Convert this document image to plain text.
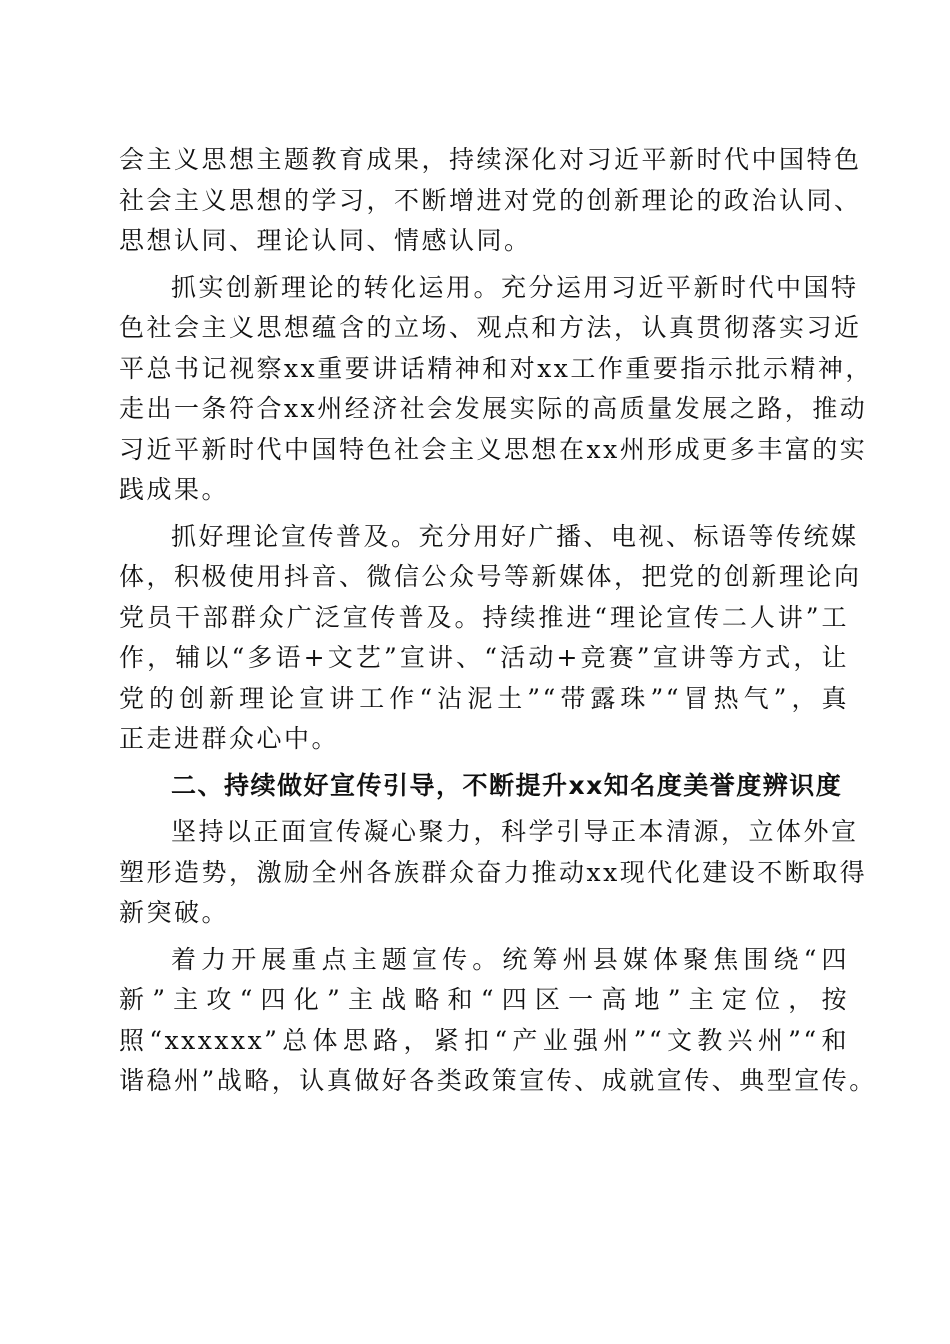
会主义思想主题教育成果，持续深化对习近平新时代中国特色
社会主义思想的学习，不断增进对党的创新理论的政治认同、
思想认同、理论认同、情感认同。
抓实创新理论的转化运用。充分运用习近平新时代中国特
色社会主义思想蕴含的立场、观点和方法，认真贯彻落实习近
平总书记视察xx重要讲话精神和对xx工作重要指示批示精神，
走出一条符合xx州经济社会发展实际的高质量发展之路，推动
习近平新时代中国特色社会主义思想在xx州形成更多丰富的实
践成果。
抓好理论宣传普及。充分用好广播、电视、标语等传统媒
体，积极使用抖音、微信公众号等新媒体，把党的创新理论向
党员干部群众广泛宣传普及。持续推进“理论宣传二人讲”工
作，辅以“多语+文艺”宣讲、“活动+竞赛”宣讲等方式，让
党的创新理论宣讲工作“沾泥土”“带露珠”“冒热气”，真
正走进群众心中。
二、持续做好宣传引导，不断提升xx知名度美誉度辨识度
坚持以正面宣传凝心聚力，科学引导正本清源，立体外宣
塑形造势，激励全州各族群众奋力推动xx现代化建设不断取得
新突破。
着力开展重点主题宣传。统筹州县媒体聚焦围绕“四
新”主攻“四化”主战略和“四区一高地”主定位，按
照“xxxxxx”总体思路，紧扣“产业强州”“文教兴州”“和
谐稳州”战略，认真做好各类政策宣传、成就宣传、典型宣传。
